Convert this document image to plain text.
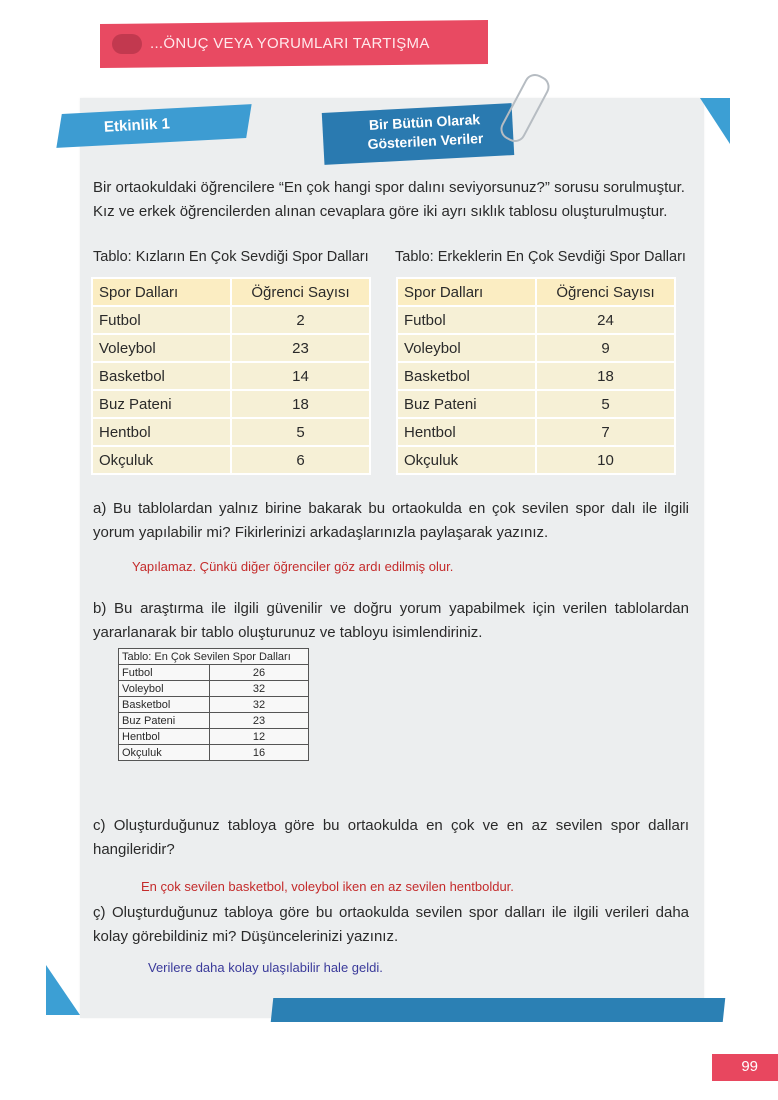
...ÖNUÇ VEYA YORUMLARI TARTIŞMA
Etkinlik 1	Bir Bütün Olarak
Gösterilen Veriler

Bir ortaokuldaki öğrencilere “En çok hangi spor dalını seviyorsunuz?” sorusu sorulmuştur.
Kız ve erkek öğrencilerden alınan cevaplara göre iki ayrı sıklık tablosu oluşturulmuştur.

Tablo: Kızların En Çok Sevdiği Spor Dalları
Spor Dalları	Öğrenci Sayısı
Futbol	2
Voleybol	23
Basketbol	14
Buz Pateni	18
Hentbol	5
Okçuluk	6
Tablo: Erkeklerin En Çok Sevdiği Spor Dalları
Spor Dalları	Öğrenci Sayısı
Futbol	24
Voleybol	9
Basketbol	18
Buz Pateni	5
Hentbol	7
Okçuluk	10

a) Bu tablolardan yalnız birine bakarak bu ortaokulda en çok sevilen spor dalı ile ilgili yorum yapılabilir mi? Fikirlerinizi arkadaşlarınızla paylaşarak yazınız.

Yapılamaz. Çünkü diğer öğrenciler göz ardı edilmiş olur.

b) Bu araştırma ile ilgili güvenilir ve doğru yorum yapabilmek için verilen tablolardan yararlanarak bir tablo oluşturunuz ve tabloyu isimlendiriniz.

Tablo: En Çok Sevilen Spor Dalları	
Futbol	26
Voleybol	32
Basketbol	32
Buz Pateni	23
Hentbol	12
Okçuluk	16

c) Oluşturduğunuz tabloya göre bu ortaokulda en çok ve en az sevilen spor dalları hangileridir?

En çok sevilen basketbol, voleybol iken en az sevilen hentboldur.

ç) Oluşturduğunuz tabloya göre bu ortaokulda sevilen spor dalları ile ilgili verileri daha kolay görebildiniz mi? Düşüncelerinizi yazınız.

Verilere daha kolay ulaşılabilir hale geldi.
99
